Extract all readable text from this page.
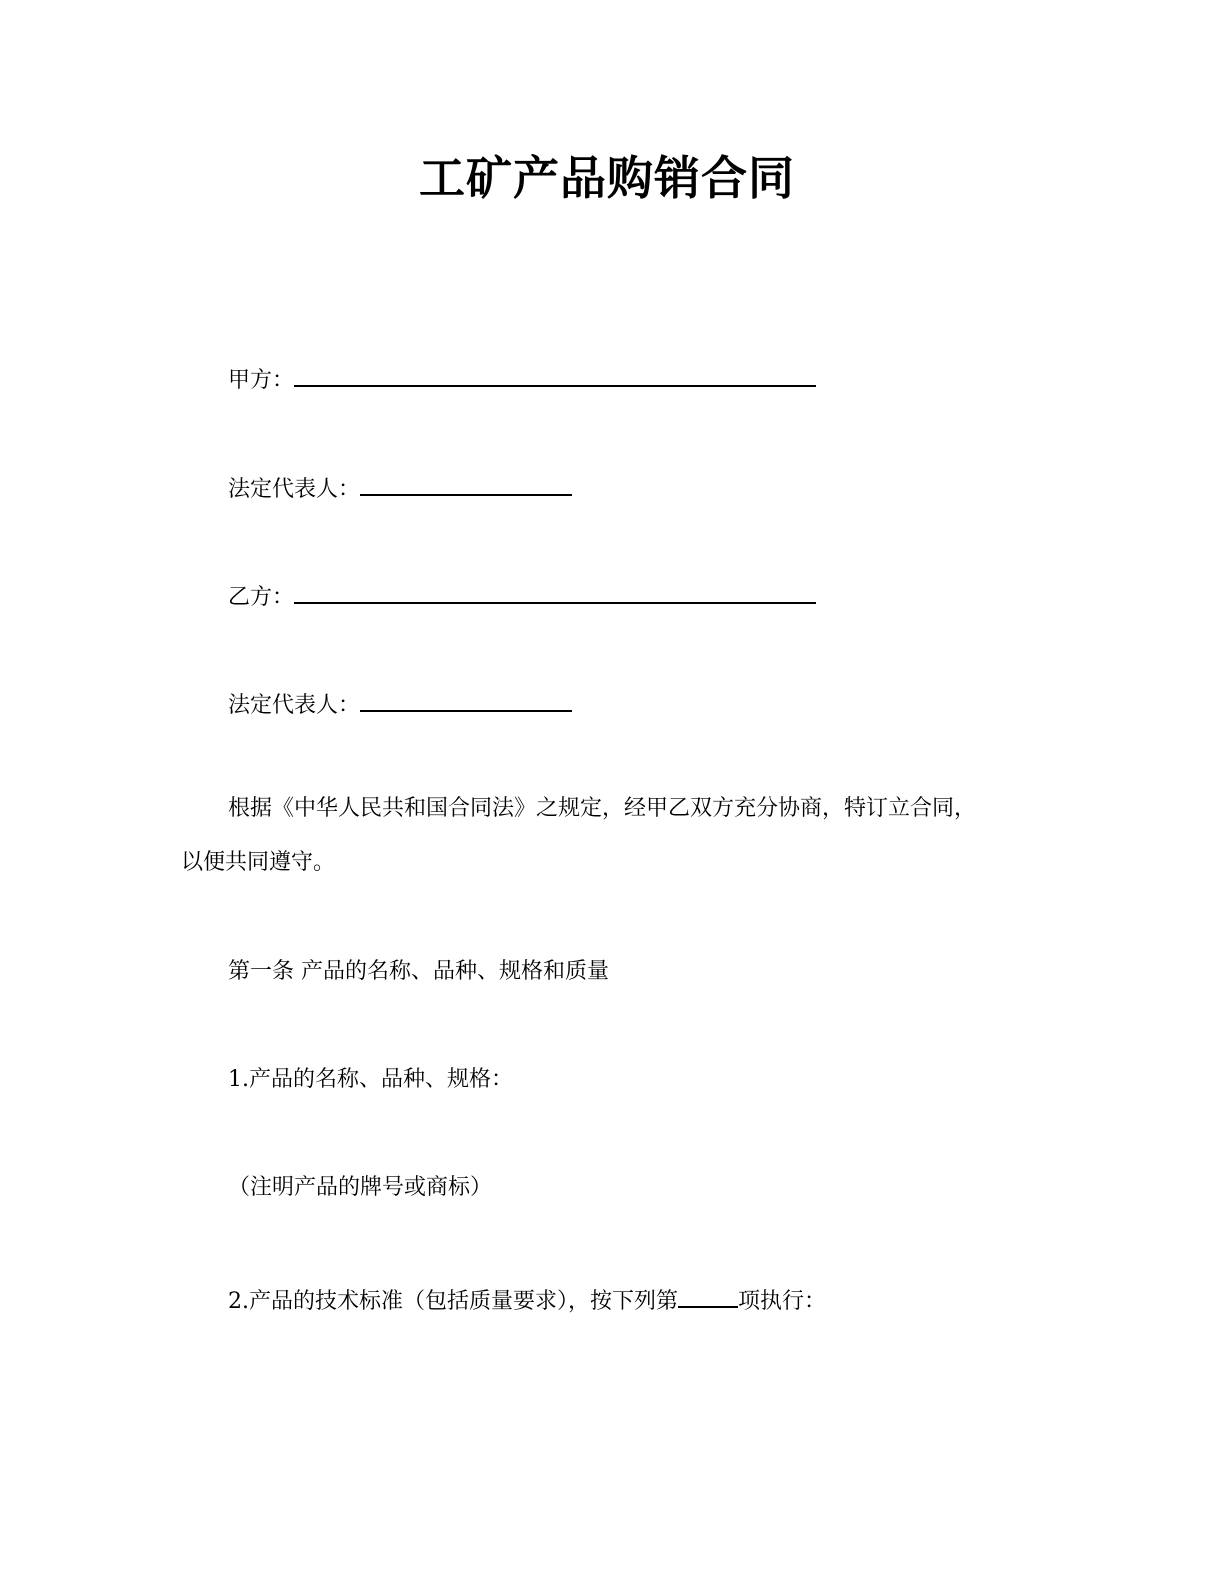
工矿产品购销合同
甲方：
法定代表人：
乙方：
法定代表人：
根据《中华人民共和国合同法》之规定，经甲乙双方充分协商，特订立合同，
以便共同遵守。
第一条 产品的名称、品种、规格和质量
1.产品的名称、品种、规格：
（注明产品的牌号或商标）
2.产品的技术标准（包括质量要求），按下列第	项执行：
